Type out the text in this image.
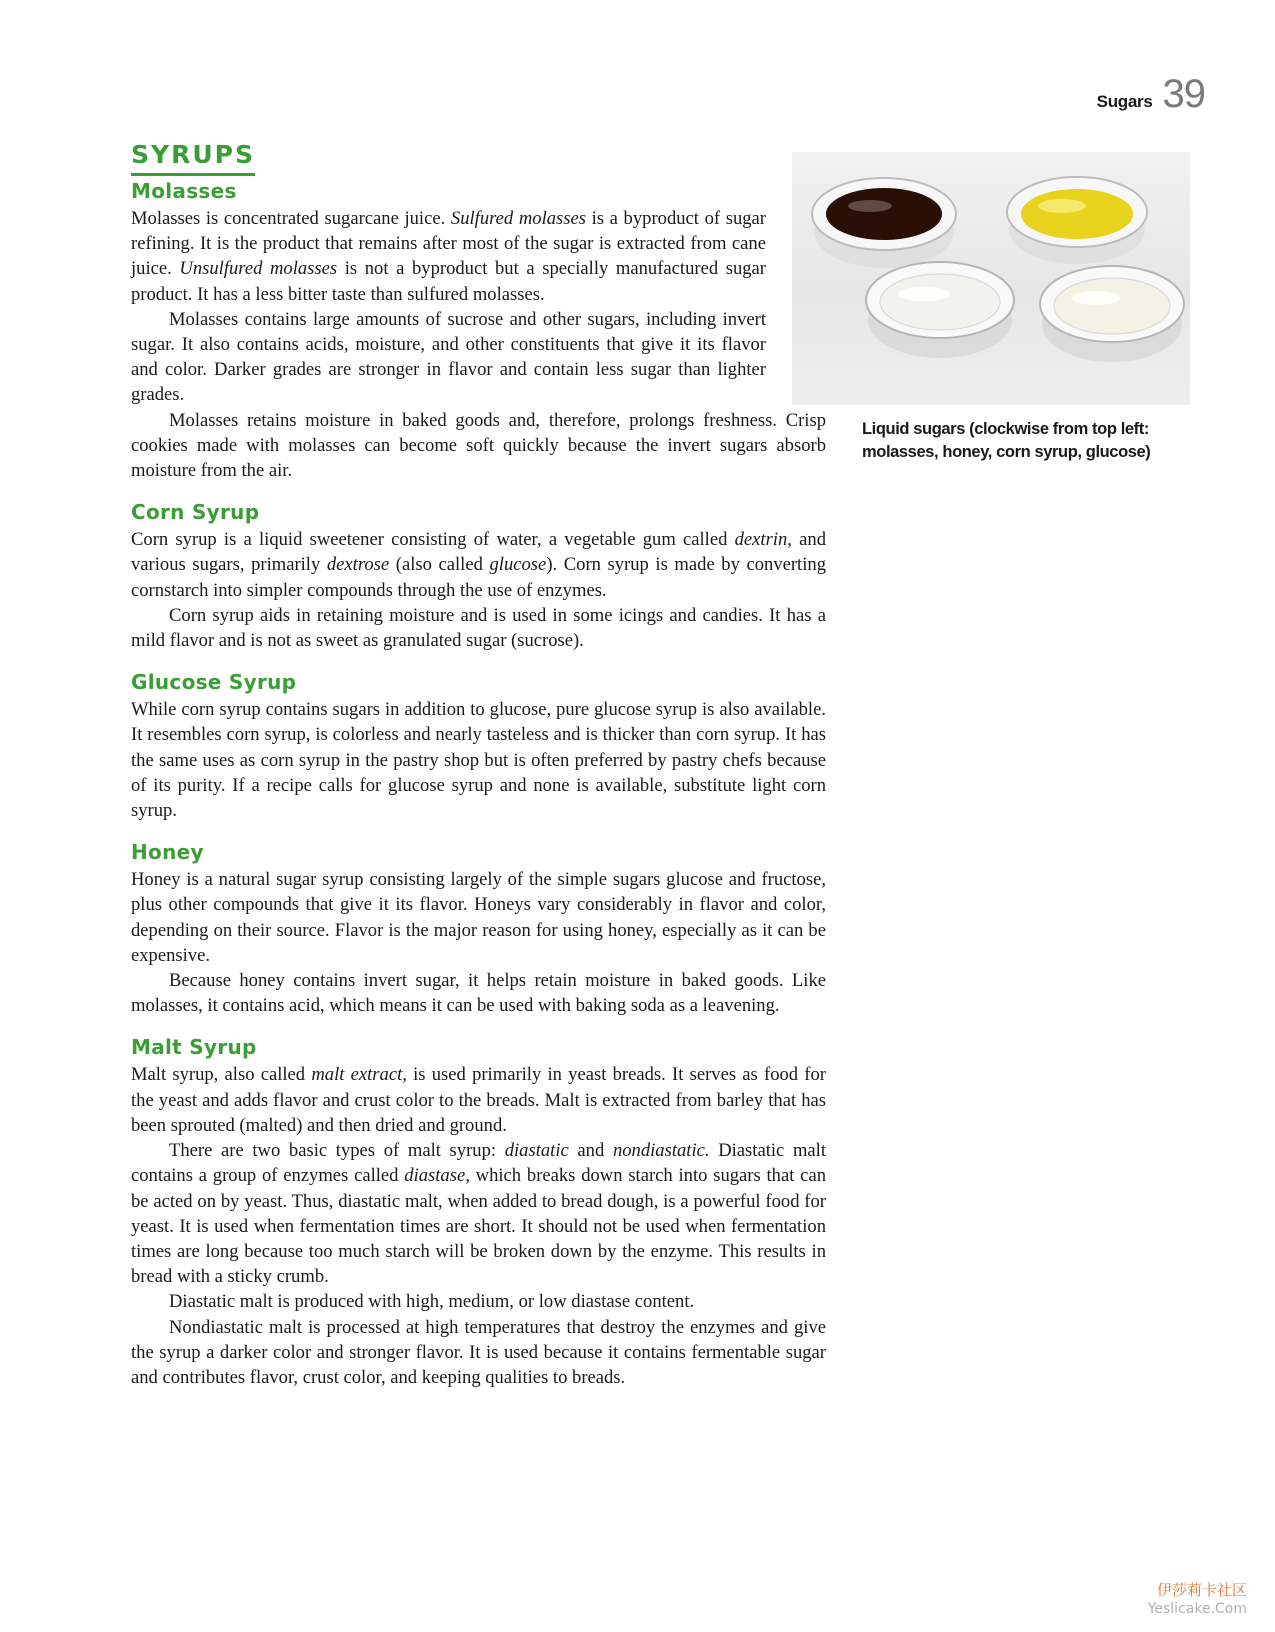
Sugars 39
Liquid sugars (clockwise from top left: molasses, honey, corn syrup, glucose)
SYRUPS
Molasses

Molasses is concentrated sugarcane juice. Sulfured molasses is a byproduct of sugar refining. It is the product that remains after most of the sugar is extracted from cane juice. Unsulfured molasses is not a byproduct but a specially manufactured sugar product. It has a less bitter taste than sulfured molasses.

Molasses contains large amounts of sucrose and other sugars, including invert sugar. It also contains acids, moisture, and other constituents that give it its flavor and color. Darker grades are stronger in flavor and contain less sugar than lighter grades.

Molasses retains moisture in baked goods and, therefore, prolongs freshness. Crisp cookies made with molasses can become soft quickly because the invert sugars absorb moisture from the air.

Corn Syrup

Corn syrup is a liquid sweetener consisting of water, a vegetable gum called dextrin, and various sugars, primarily dextrose (also called glucose). Corn syrup is made by converting cornstarch into simpler compounds through the use of enzymes.

Corn syrup aids in retaining moisture and is used in some icings and candies. It has a mild flavor and is not as sweet as granulated sugar (sucrose).

Glucose Syrup

While corn syrup contains sugars in addition to glucose, pure glucose syrup is also available. It resembles corn syrup, is colorless and nearly tasteless and is thicker than corn syrup. It has the same uses as corn syrup in the pastry shop but is often preferred by pastry chefs because of its purity. If a recipe calls for glucose syrup and none is available, substitute light corn syrup.

Honey

Honey is a natural sugar syrup consisting largely of the simple sugars glucose and fructose, plus other compounds that give it its flavor. Honeys vary considerably in flavor and color, depending on their source. Flavor is the major reason for using honey, especially as it can be expensive.

Because honey contains invert sugar, it helps retain moisture in baked goods. Like molasses, it contains acid, which means it can be used with baking soda as a leavening.

Malt Syrup

Malt syrup, also called malt extract, is used primarily in yeast breads. It serves as food for the yeast and adds flavor and crust color to the breads. Malt is extracted from barley that has been sprouted (malted) and then dried and ground.

There are two basic types of malt syrup: diastatic and nondiastatic. Diastatic malt contains a group of enzymes called diastase, which breaks down starch into sugars that can be acted on by yeast. Thus, diastatic malt, when added to bread dough, is a powerful food for yeast. It is used when fermentation times are short. It should not be used when fermentation times are long because too much starch will be broken down by the enzyme. This results in bread with a sticky crumb.

Diastatic malt is produced with high, medium, or low diastase content.

Nondiastatic malt is processed at high temperatures that destroy the enzymes and give the syrup a darker color and stronger flavor. It is used because it contains fermentable sugar and contributes flavor, crust color, and keeping qualities to breads.

伊莎莉卡社区
Yeslicake.Com
